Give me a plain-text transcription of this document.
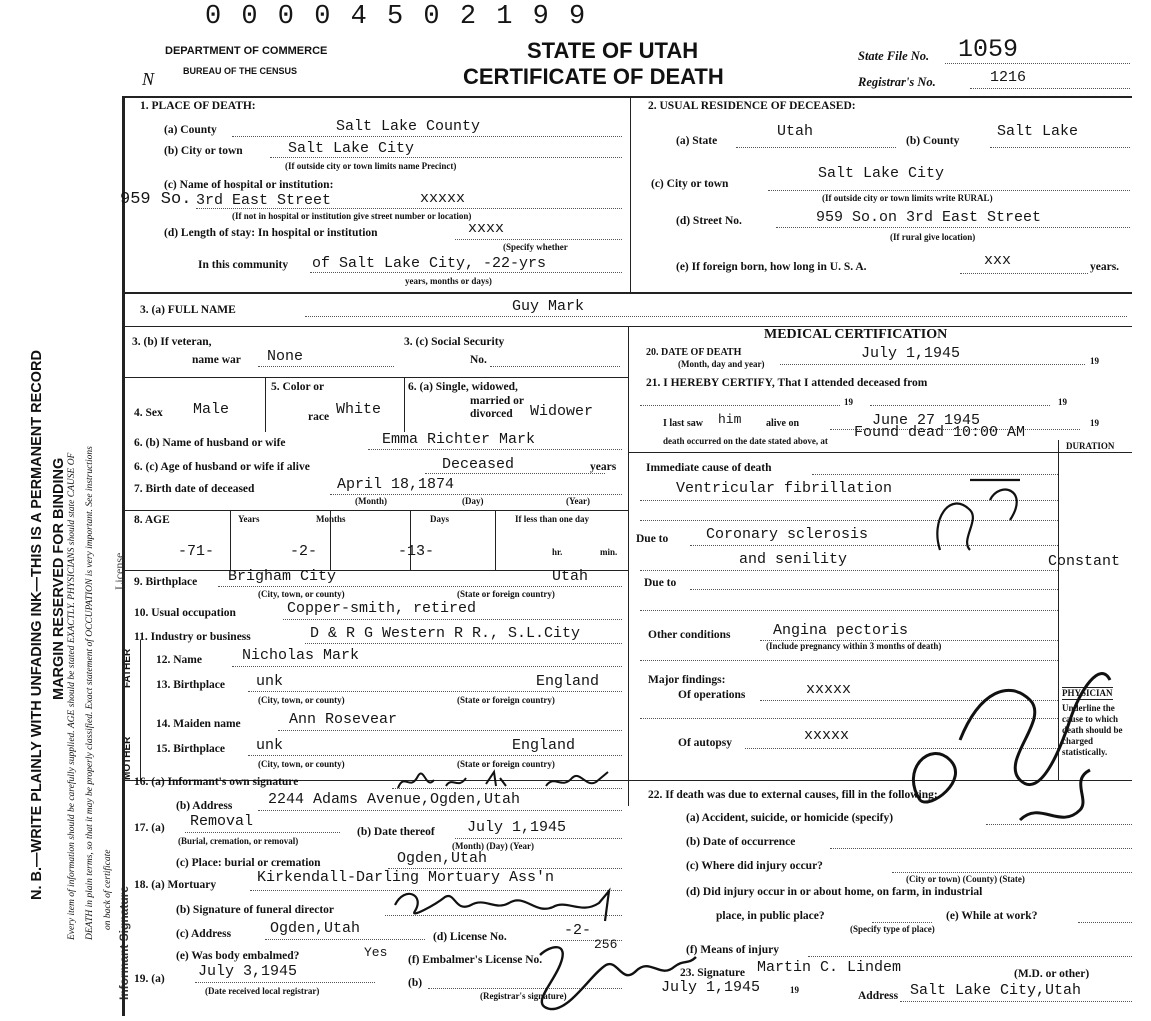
0 0 0 0 4 5 0 2 1 9 9
DEPARTMENT OF COMMERCE
BUREAU OF THE CENSUS
STATE OF UTAH
CERTIFICATE OF DEATH
N
State File No. 1059
Registrar's No.	1216
N. B.—WRITE PLAINLY WITH UNFADING INK—THIS IS A PERMANENT RECORD MARGIN RESERVED FOR BINDING Every item of information should be carefully supplied. AGE should be stated EXACTLY. PHYSICIANS should state CAUSE OF DEATH in plain terms, so that it may be properly classified. Exact statement of OCCUPATION is very important. See instructions on back of certificate Informant Signature
FATHER
MOTHER
License
1. PLACE OF DEATH:
(a) County	Salt Lake County
(b) City or town	Salt Lake City
(If outside city or town limits name Precinct)
(c) Name of hospital or institution:
959 So. 3rd East Street	xxxxx
(If not in hospital or institution give street number or location)
(d) Length of stay: In hospital or institution	xxxx
(Specify whether
In this community of Salt Lake City, -22-yrs
years, months or days)
2. USUAL RESIDENCE OF DECEASED:
(a) State
Utah
(b) County
Salt Lake
(c) City or town
Salt Lake City
(If outside city or town limits write RURAL)
(d) Street No.	959 So.on 3rd East Street
(If rural give location)
(e) If foreign born, how long in U. S. A.	xxx	years.
3. (a) FULL NAME	Guy Mark
3. (b) If veteran,
name war None
3. (c) Social Security
No.
4. Sex Male
5. Color or
race White
6. (a) Single, widowed,
married or
divorced Widower
6. (b) Name of husband or wife	Emma Richter Mark
6. (c) Age of husband or wife if alive	Deceased	years
7. Birth date of deceased	April 18,1874
(Month)	(Day)	(Year)
8. AGE	Years	Months	Days	If less than one day
-71-	-2-	-13-	hr.	min.
9. Birthplace Brigham City	Utah
(City, town, or county)	(State or foreign country)
10. Usual occupation	Copper-smith, retired
11. Industry or business	D & R G Western R R., S.L.City
12. Name	Nicholas Mark
13. Birthplace unk	England
(City, town, or county)	(State or foreign country)
14. Maiden name	Ann Rosevear
15. Birthplace unk	England
(City, town, or county)	(State or foreign country)
16. (a) Informant's own signature
(b) Address 2244 Adams Avenue,Ogden,Utah
17. (a) Removal
(Burial, cremation, or removal)
(b) Date thereof July 1,1945
(Month) (Day) (Year)
(c) Place: burial or cremation	Ogden,Utah
18. (a) Mortuary	Kirkendall-Darling Mortuary Ass'n
(b) Signature of funeral director
(c) Address	Ogden,Utah	(d) License No.	-2-
(e) Was body embalmed?	Yes (f) Embalmer's License No.
256
19. (a) July 3,1945
(Date received local registrar)
(b)
(Registrar's signature)
MEDICAL CERTIFICATION
20. DATE OF DEATH
(Month, day and year)
July 1,1945	19
21. I HEREBY CERTIFY, That I attended deceased from
19	19
I last saw him alive on	June 27 1945	19
death occurred on the date stated above, at Found dead 10:00 AM
DURATION
Immediate cause of death
Ventricular fibrillation
Due to	Coronary sclerosis
and senility	Constant
Due to
Other conditions	Angina pectoris
(Include pregnancy within 3 months of death)
Major findings:
Of operations	xxxxx
Of autopsy	xxxxx
PHYSICIAN
Underline the cause to which death should be charged statistically.
22. If death was due to external causes, fill in the following:
(a) Accident, suicide, or homicide (specify)
(b) Date of occurrence
(c) Where did injury occur?
(City or town) (County) (State)
(d) Did injury occur in or about home, on farm, in industrial
place, in public place?	(e) While at work?
(Specify type of place)
(f) Means of injury
23. Signature Martin C. Lindem	(M.D. or other)
July 1,1945	19	Address Salt Lake City,Utah
